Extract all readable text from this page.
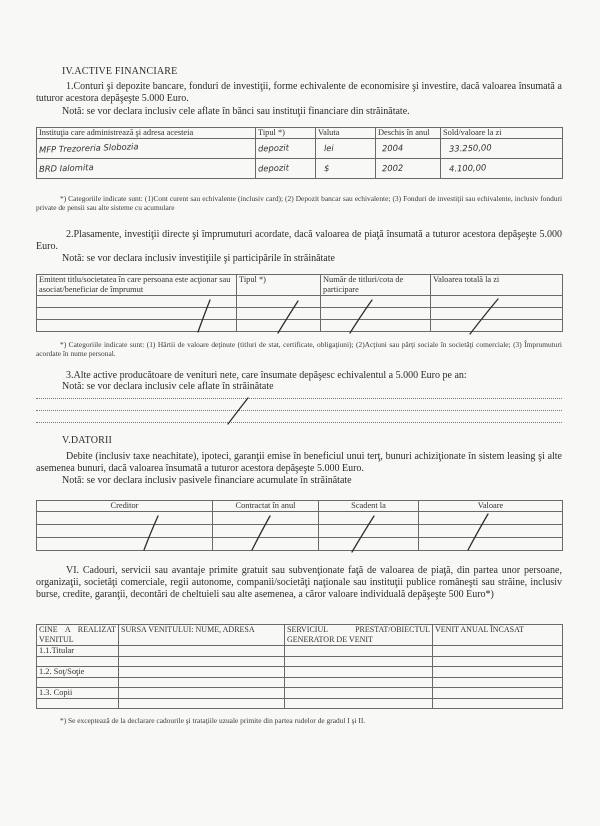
IV.ACTIVE FINANCIARE
1.Conturi şi depozite bancare, fonduri de investiţii, forme echivalente de economisire şi investire, dacă valoarea însumată a tuturor acestora depăşeşte 5.000 Euro.
Notă: se vor declara inclusiv cele aflate în bănci sau instituţii financiare din străinătate.
Instituţia care administrează şi adresa acesteia	Tipul *)	Valuta	Deschis în anul	Sold/valoare la zi
MFP Trezoreria Slobozia	depozit	lei	2004	33.250,00
BRD Ialomita	depozit	$	2002	4.100,00
*) Categoriile indicate sunt: (1)Cont curent sau echivalente (inclusiv card); (2) Depozit bancar sau echivalente; (3) Fonduri de investiţii sau echivalente, inclusiv fonduri private de pensii sau alte sisteme cu acumulare
2.Plasamente, investiţii directe şi împrumuturi acordate, dacă valoarea de piaţă însumată a tuturor acestora depăşeşte 5.000 Euro.
Notă: se vor declara inclusiv investiţiile şi participările în străinătate
Emitent titlu/societatea în care persoana este acţionar sau asociat/beneficiar de împrumut	Tipul *)	Număr de titluri/cota de participare	Valoarea totală la zi

*) Categoriile indicate sunt: (1) Hârtii de valoare deţinute (titluri de stat, certificate, obligaţiuni); (2)Acţiuni sau părţi sociale în societăţi comerciale; (3) Împrumuturi acordate în nume personal.
3.Alte active producătoare de venituri nete, care însumate depăşesc echivalentul a 5.000 Euro pe an:
Notă: se vor declara inclusiv cele aflate în străinătate
V.DATORII
Debite (inclusiv taxe neachitate), ipoteci, garanţii emise în beneficiul unui terţ, bunuri achiziţionate în sistem leasing şi alte asemenea bunuri, dacă valoarea însumată a tuturor acestora depăşeşte 5.000 Euro.
Notă: se vor declara inclusiv pasivele financiare acumulate în străinătate
Creditor	Contractat în anul	Scadent la	Valoare

VI. Cadouri, servicii sau avantaje primite gratuit sau subvenţionate faţă de valoarea de piaţă, din partea unor persoane, organizaţii, societăţi comerciale, regii autonome, companii/societăţi naţionale sau instituţii publice româneşti sau străine, inclusiv burse, credite, garanţii, decontări de cheltuieli sau alte asemenea, a căror valoare individuală depăşeşte 500 Euro*)
CINE A REALIZAT VENITUL	SURSA VENITULUI: NUME, ADRESA	SERVICIUL PRESTAT/OBIECTUL GENERATOR DE VENIT	VENIT ANUAL ÎNCASAT
1.1.Titular			

1.2. Soţ/Soţie			

1.3. Copii			

*) Se exceptează de la declarare cadourile şi trataţiile uzuale primite din partea rudelor de gradul I şi II.
